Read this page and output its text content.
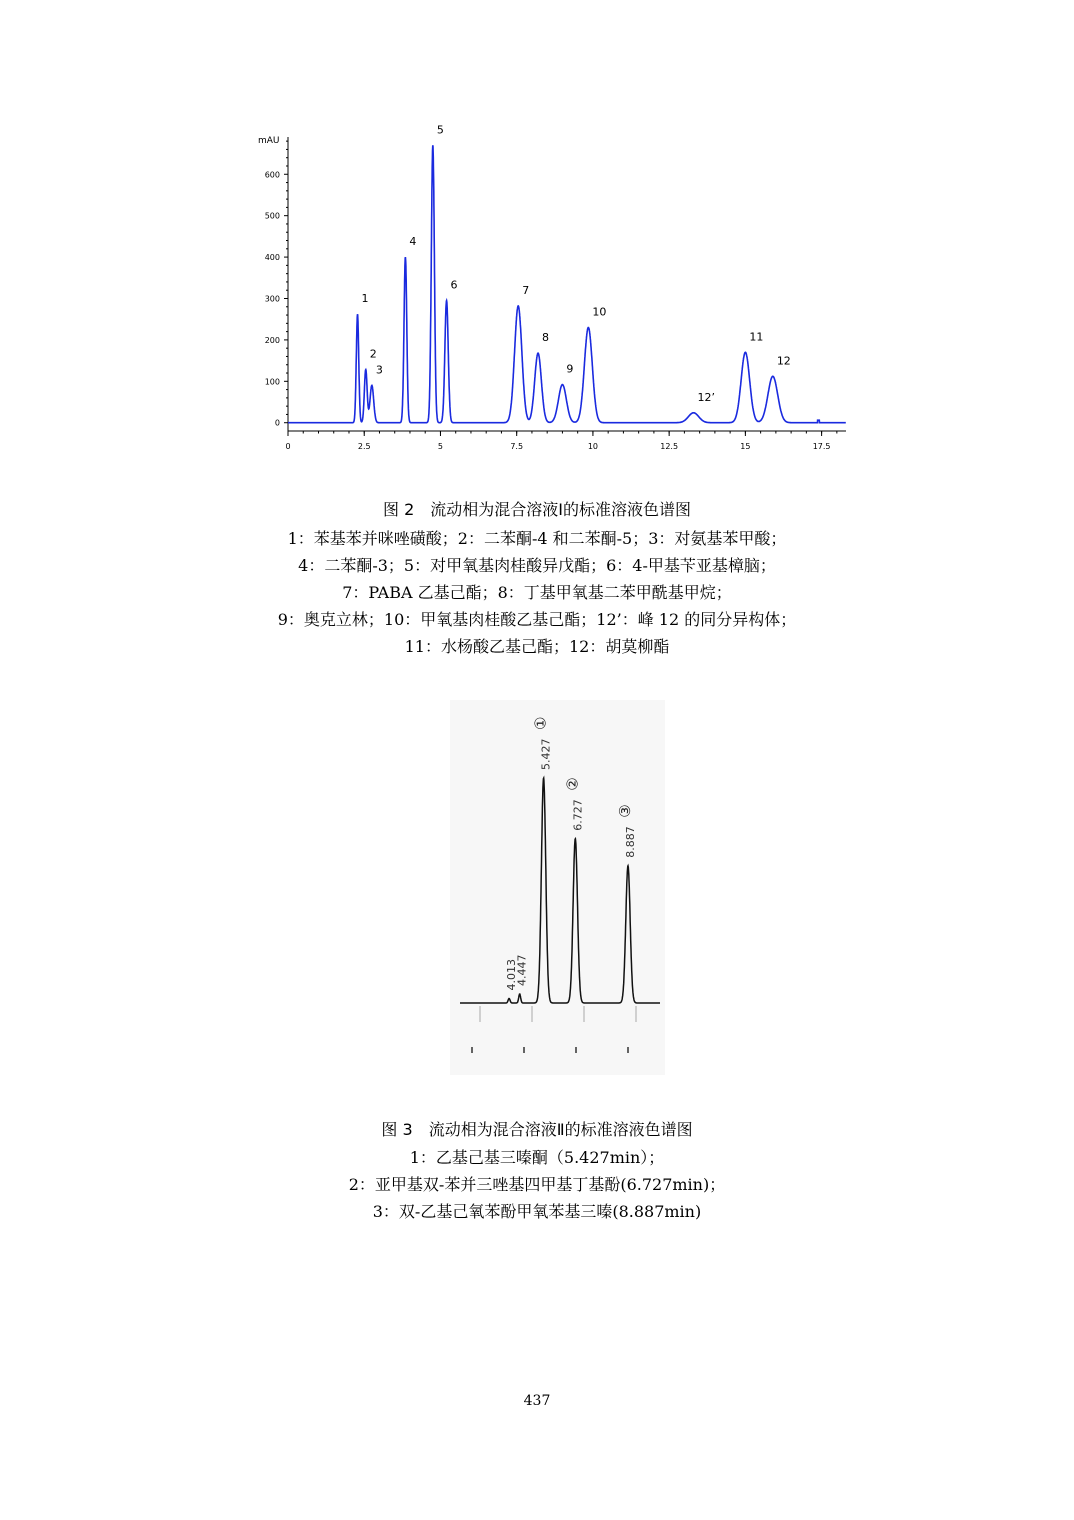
mAU
0
100
200
300
400
500
600
0	2.5	5	7.5	10	12.5	15	17.5
1
2
3
4
5
6	7
8
9
10
12’
11
12
图 2　流动相为混合溶液Ⅰ的标准溶液色谱图

1：苯基苯并咪唑磺酸；2：二苯酮-4 和二苯酮-5；3：对氨基苯甲酸；

4：二苯酮-3；5：对甲氧基肉桂酸异戊酯；6：4-甲基苄亚基樟脑；

7：PABA 乙基己酯；8：丁基甲氧基二苯甲酰基甲烷；

9：奥克立林；10：甲氧基肉桂酸乙基己酯；12’：峰 12 的同分异构体；

11：水杨酸乙基己酯；12：胡莫柳酯

4.013
4.447
5.427
①
6.727
②
8.887
③
图 3　流动相为混合溶液Ⅱ的标准溶液色谱图

1：乙基己基三嗪酮（5.427min）；

2：亚甲基双-苯并三唑基四甲基丁基酚(6.727min)；

3：双-乙基己氧苯酚甲氧苯基三嗪(8.887min)

437
